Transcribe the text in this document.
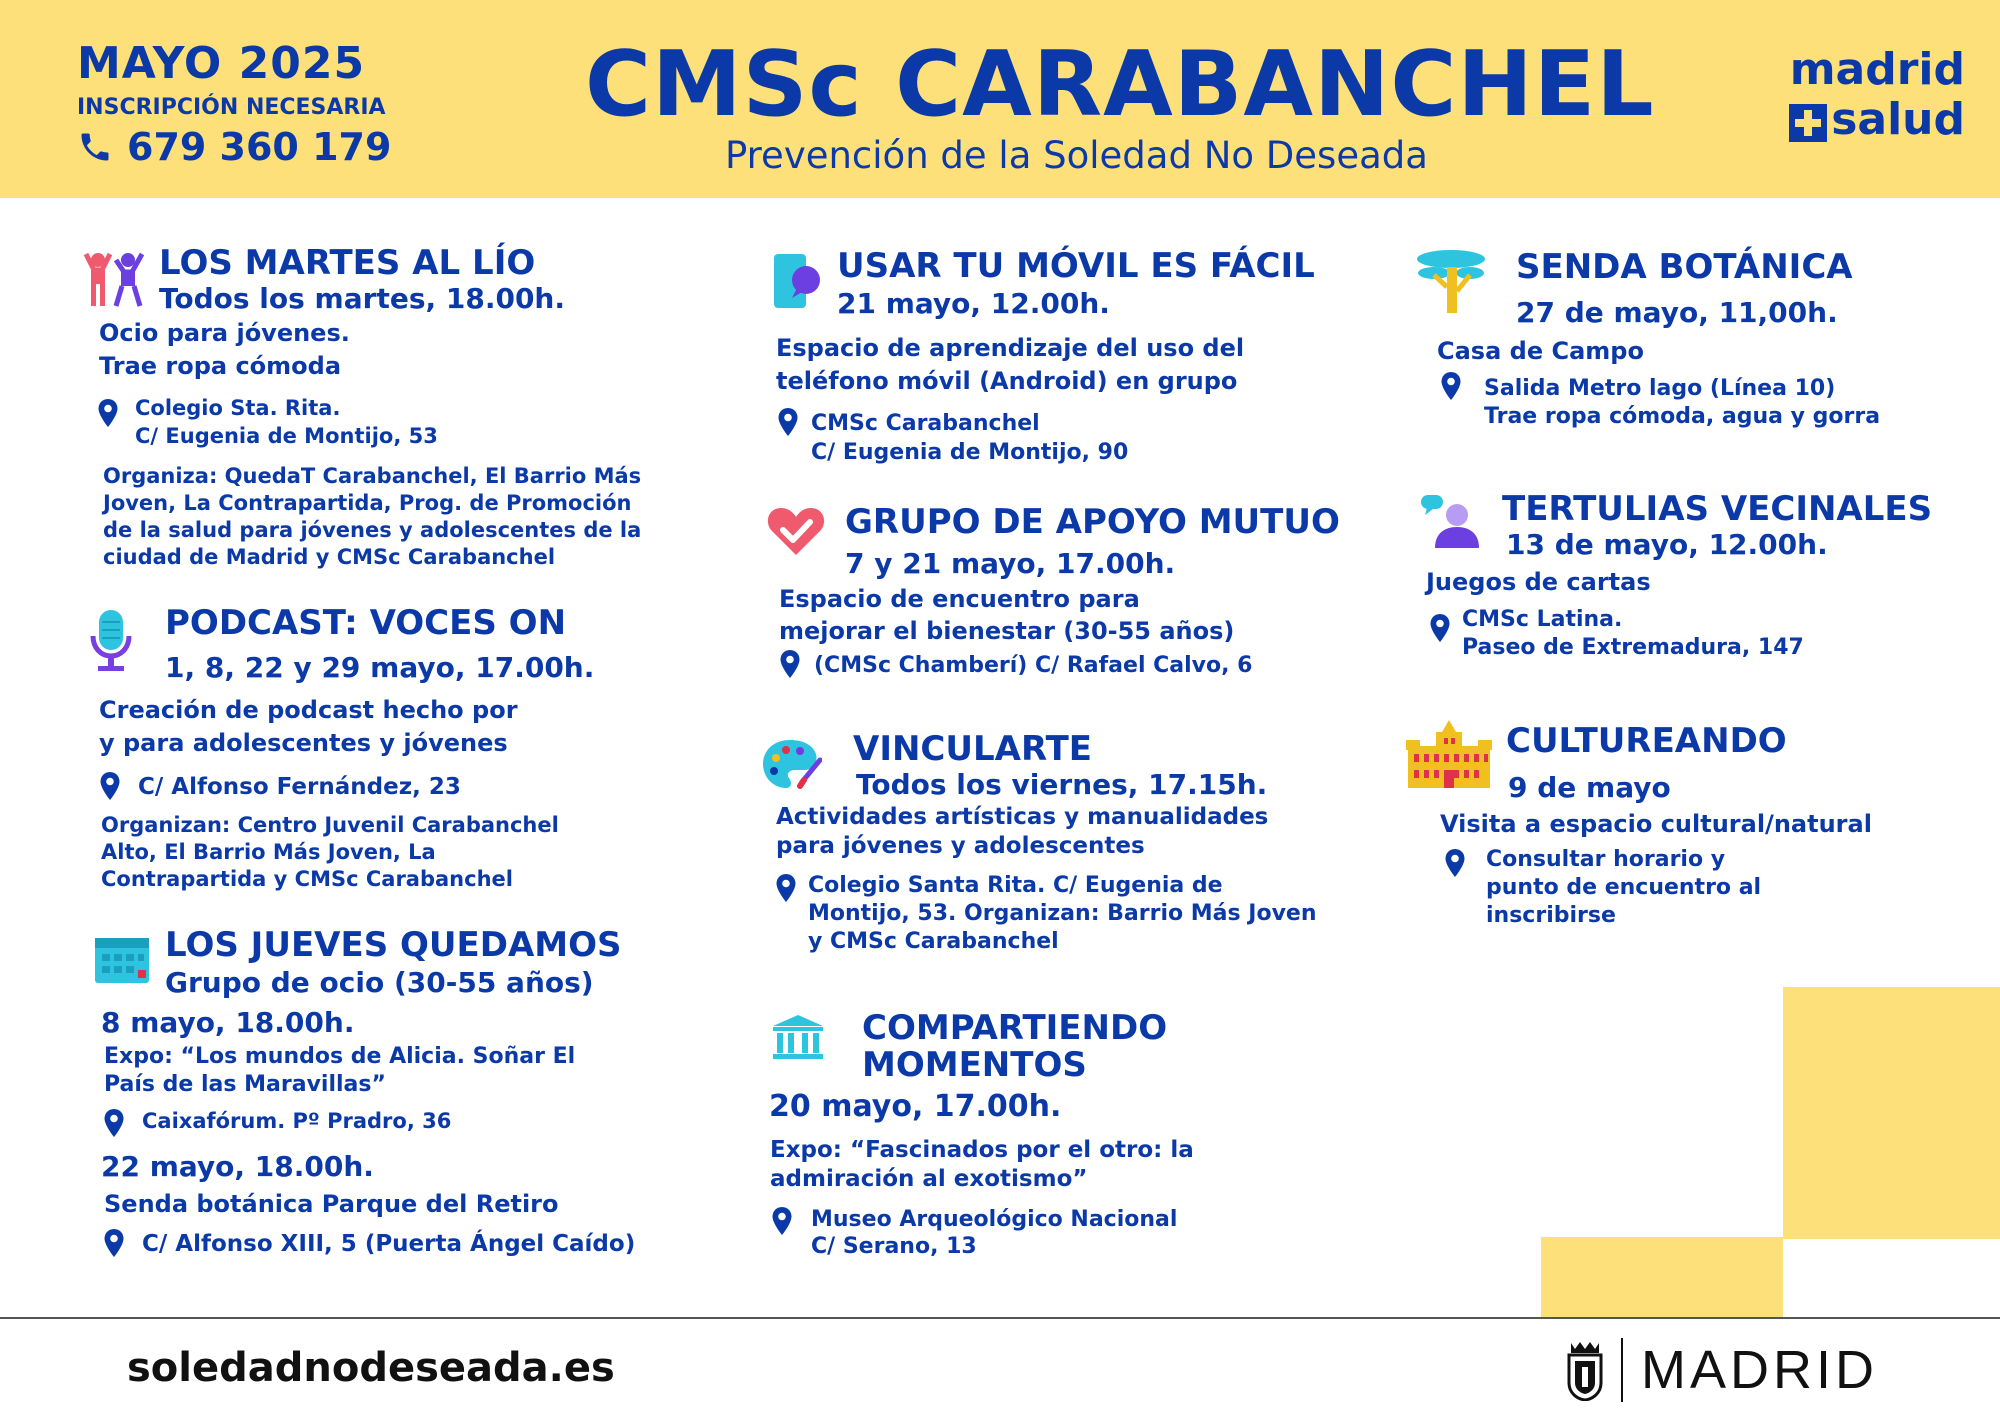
MAYO 2025
INSCRIPCIÓN NECESARIA
679 360 179
CMSc CARABANCHEL
Prevención de la Soledad No Deseada
madrid
salud
LOS MARTES AL LÍO
Todos los martes, 18.00h.
Ocio para jóvenes.
Trae ropa cómoda
Colegio Sta. Rita.
C/ Eugenia de Montijo, 53
Organiza: QuedaT Carabanchel, El Barrio Más
Joven, La Contrapartida, Prog. de Promoción
de la salud para jóvenes y adolescentes de la
ciudad de Madrid y CMSc Carabanchel
PODCAST: VOCES ON
1, 8, 22 y 29 mayo, 17.00h.
Creación de podcast hecho por
y para adolescentes y jóvenes
C/ Alfonso Fernández, 23
Organizan: Centro Juvenil Carabanchel
Alto, El Barrio Más Joven, La
Contrapartida y CMSc Carabanchel
LOS JUEVES QUEDAMOS
Grupo de ocio (30-55 años)
8 mayo, 18.00h.
Expo: “Los mundos de Alicia. Soñar El
País de las Maravillas”
Caixafórum. Pº Pradro, 36
22 mayo, 18.00h.
Senda botánica Parque del Retiro
C/ Alfonso XIII, 5 (Puerta Ángel Caído)
USAR TU MÓVIL ES FÁCIL
21 mayo, 12.00h.
Espacio de aprendizaje del uso del
teléfono móvil (Android) en grupo
CMSc Carabanchel
C/ Eugenia de Montijo, 90
GRUPO DE APOYO MUTUO
7 y 21 mayo, 17.00h.
Espacio de encuentro para
mejorar el bienestar (30-55 años)
(CMSc Chamberí) C/ Rafael Calvo, 6
VINCULARTE
Todos los viernes, 17.15h.
Actividades artísticas y manualidades
para jóvenes y adolescentes
Colegio Santa Rita. C/ Eugenia de
Montijo, 53. Organizan: Barrio Más Joven
y CMSc Carabanchel
COMPARTIENDO
MOMENTOS
20 mayo, 17.00h.
Expo: “Fascinados por el otro: la
admiración al exotismo”
Museo Arqueológico Nacional
C/ Serano, 13
SENDA BOTÁNICA
27 de mayo, 11,00h.
Casa de Campo
Salida Metro lago (Línea 10)
Trae ropa cómoda, agua y gorra
TERTULIAS VECINALES
13 de mayo, 12.00h.
Juegos de cartas
CMSc Latina.
Paseo de Extremadura, 147
CULTUREANDO
9 de mayo
Visita a espacio cultural/natural
Consultar horario y
punto de encuentro al
inscribirse
soledadnodeseada.es	MADRID
